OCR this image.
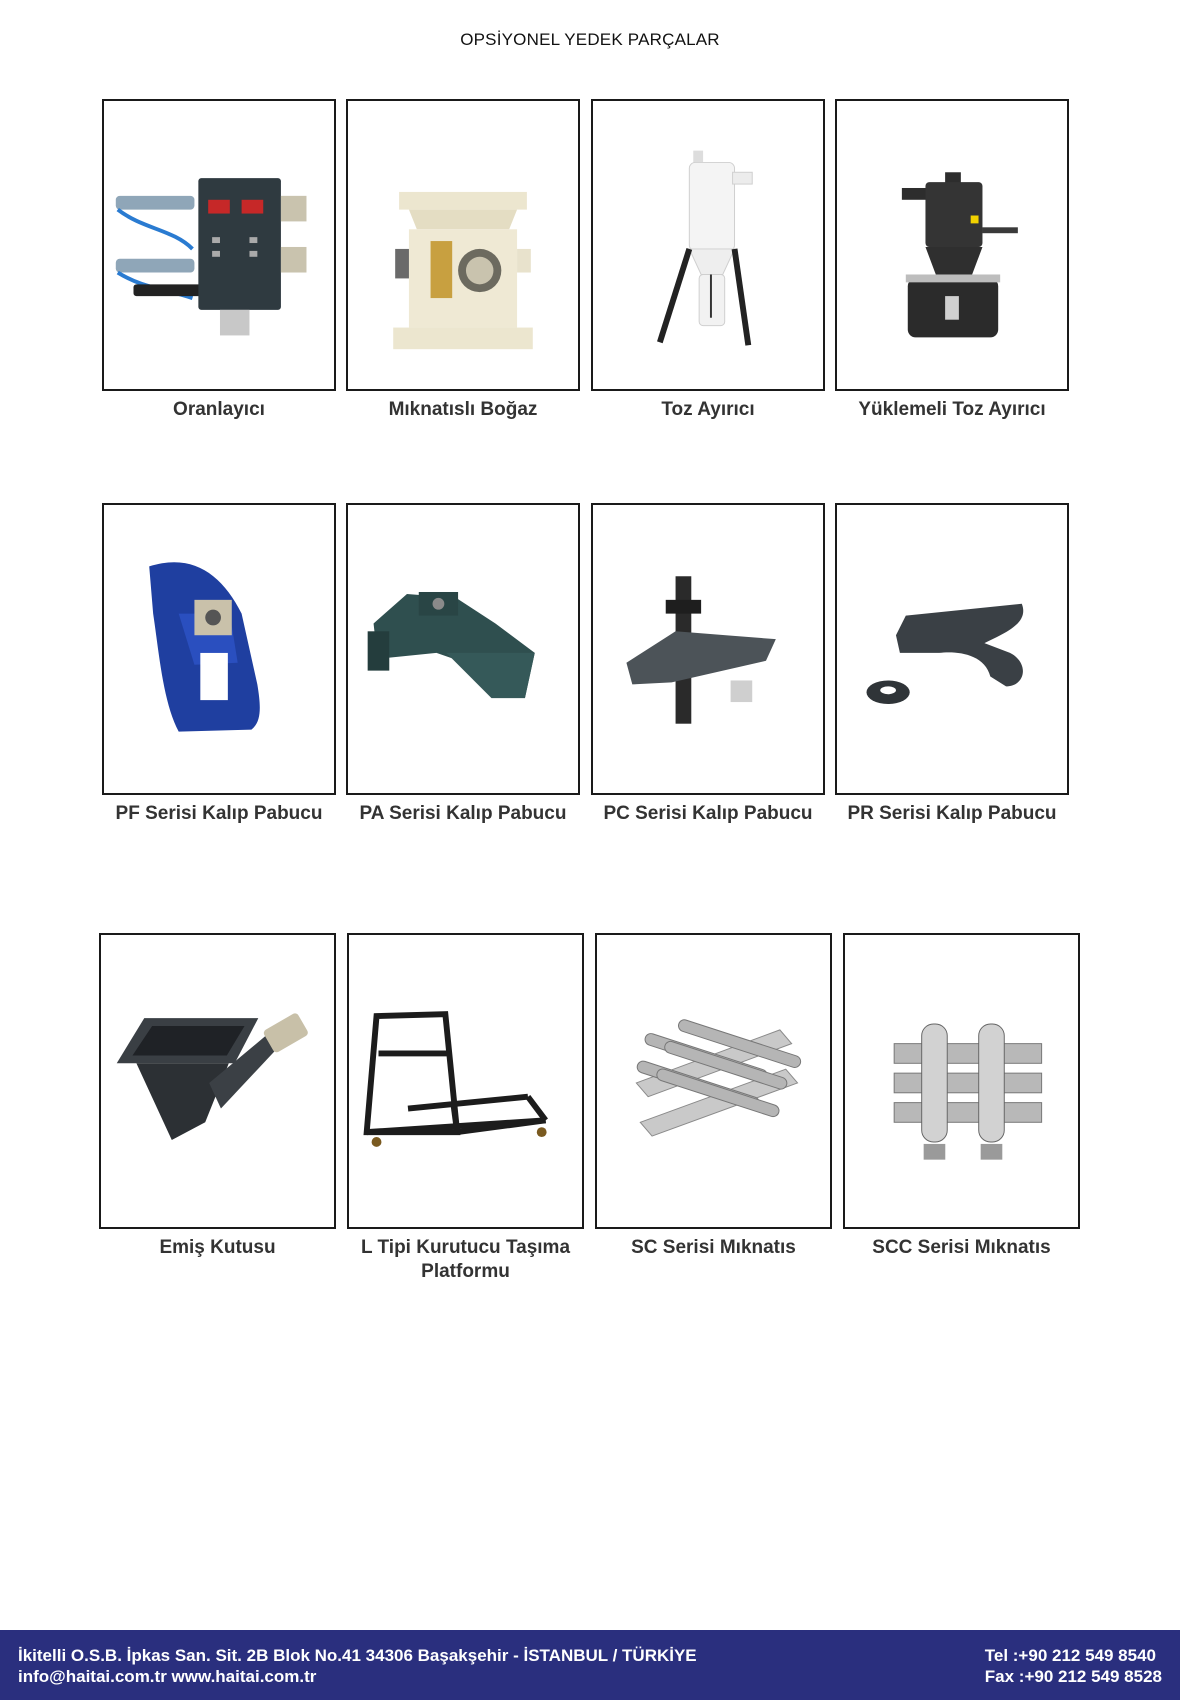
OPSİYONEL YEDEK PARÇALAR
Oranlayıcı	Mıknatıslı Boğaz	Toz Ayırıcı	Yüklemeli Toz Ayırıcı
PF Serisi Kalıp Pabucu	PA Serisi Kalıp Pabucu	PC Serisi Kalıp Pabucu	PR Serisi Kalıp Pabucu
Emiş Kutusu	L Tipi Kurutucu Taşıma
Platformu
SC Serisi Mıknatıs	SCC Serisi Mıknatıs
İkitelli O.S.B. İpkas San. Sit. 2B Blok No.41 34306 Başakşehir - İSTANBUL / TÜRKİYE
info@haitai.com.tr www.haitai.com.tr
Tel :+90 212 549 8540
Fax :+90 212 549 8528
